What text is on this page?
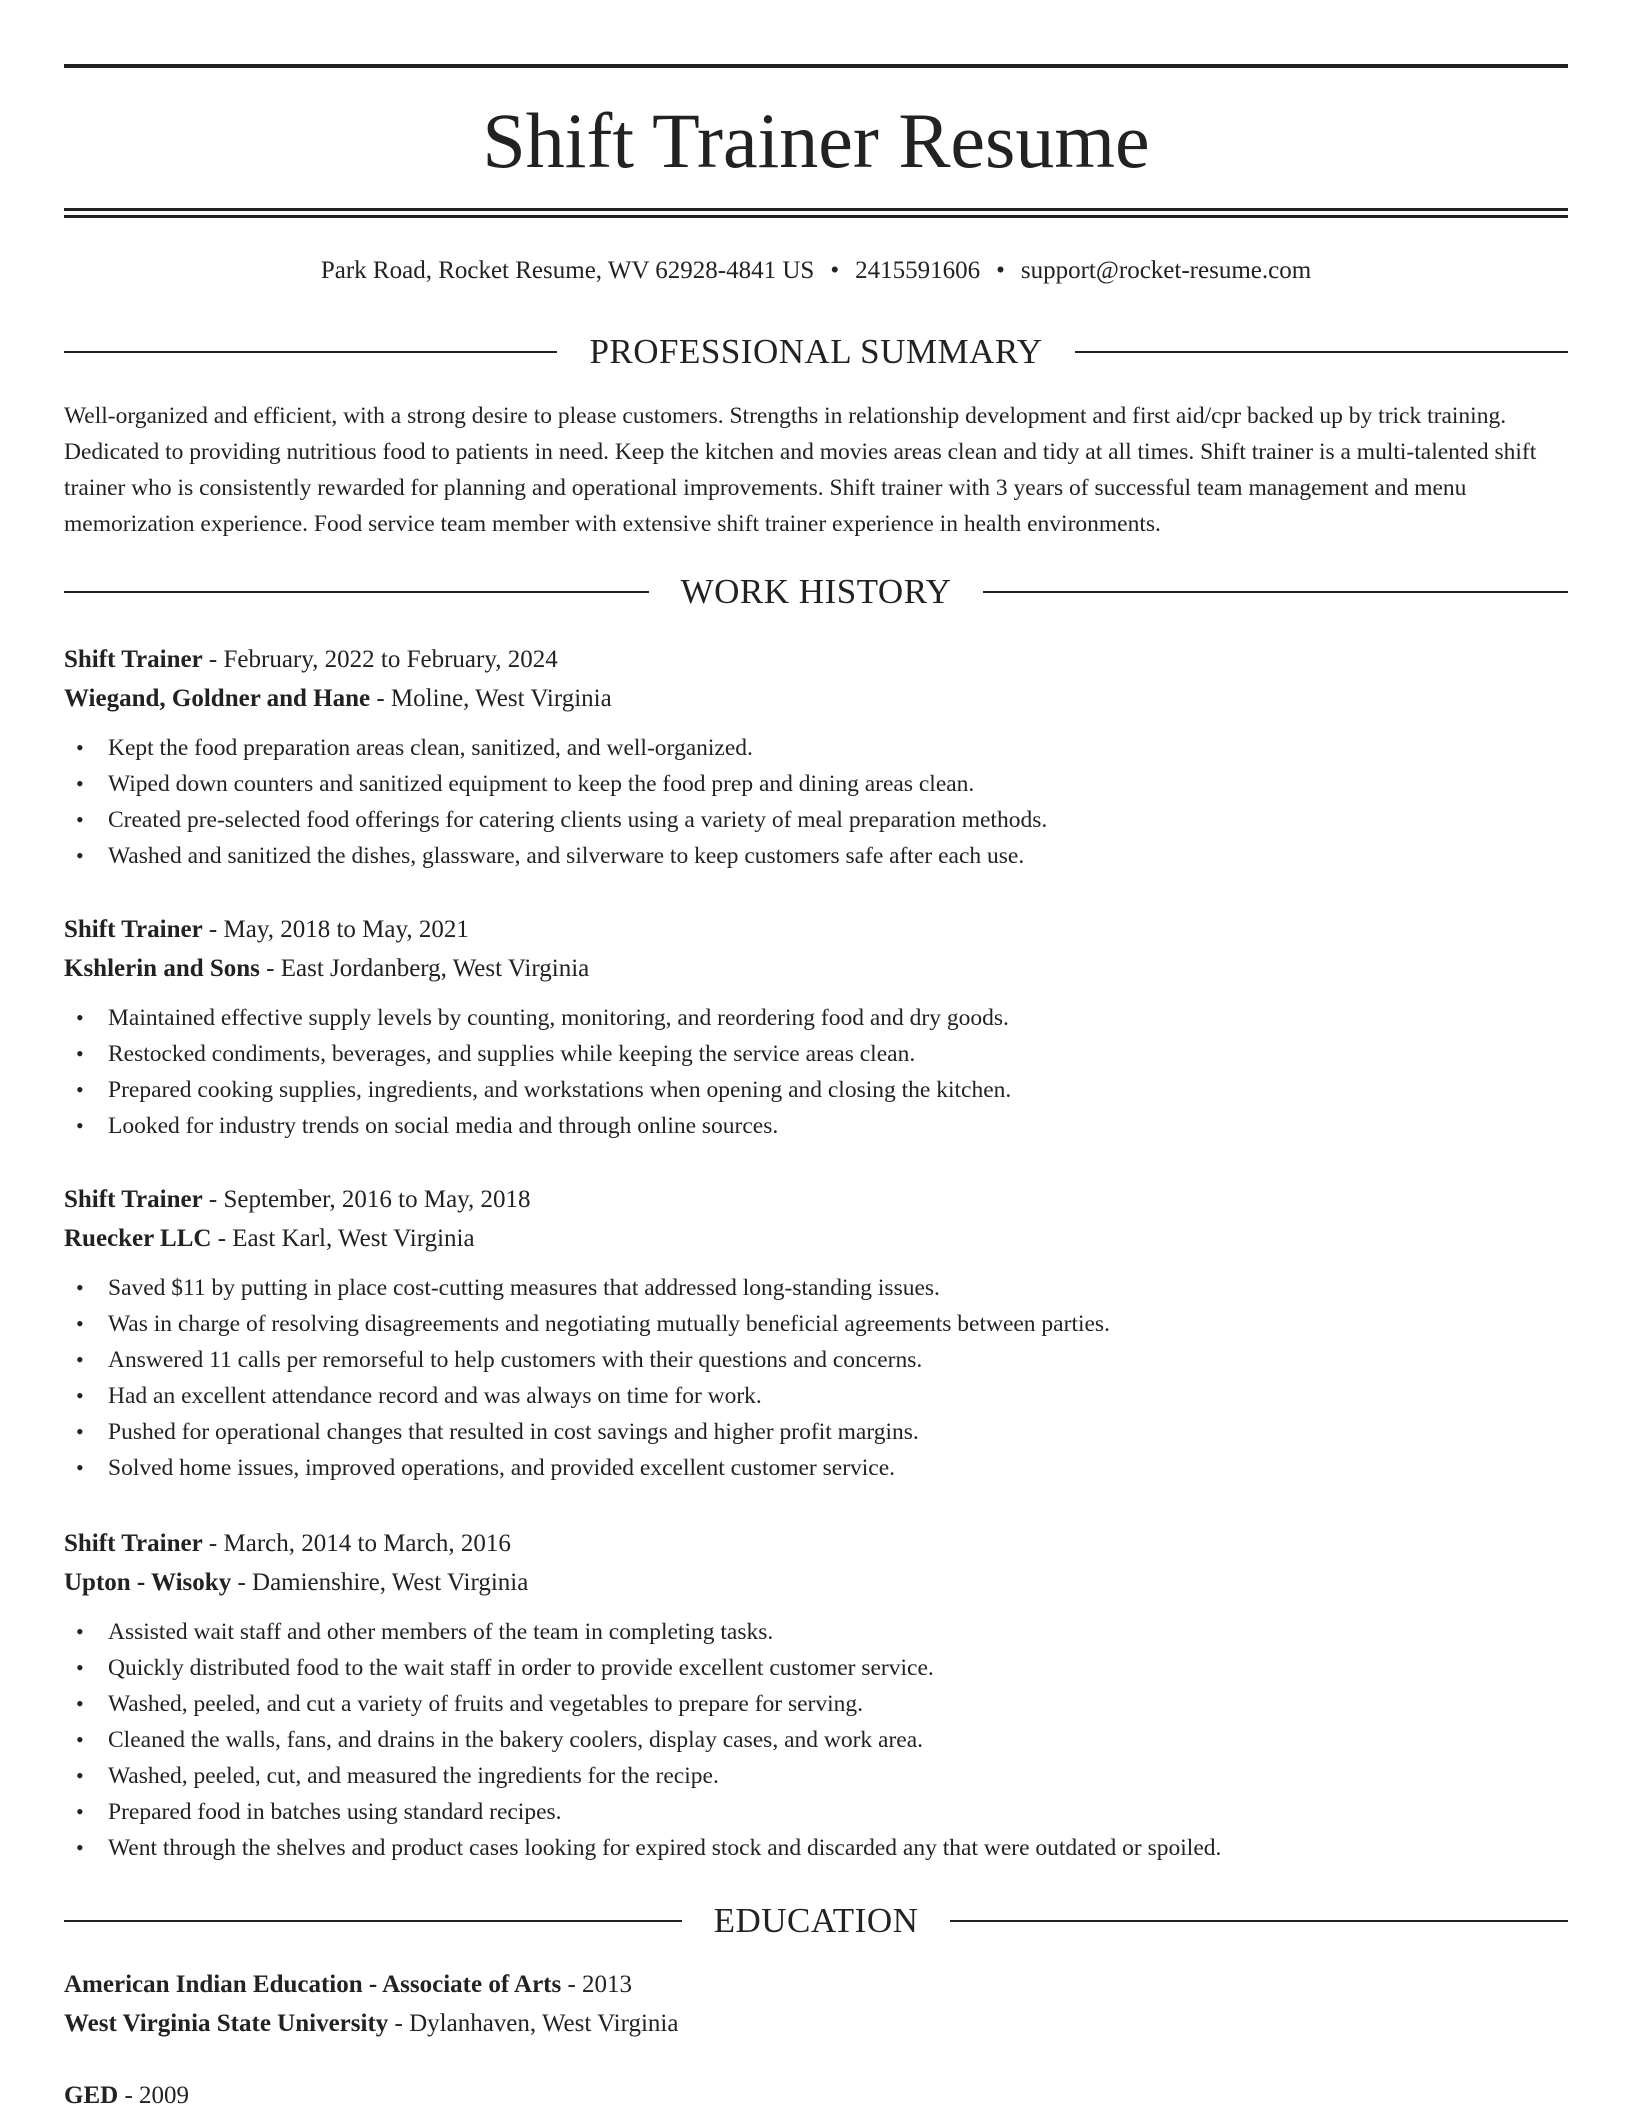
Shift Trainer Resume
Park Road, Rocket Resume, WV 62928-4841 US • 2415591606 • support@rocket-resume.com
PROFESSIONAL SUMMARY
Well-organized and efficient, with a strong desire to please customers. Strengths in relationship development and first aid/cpr backed up by trick training. Dedicated to providing nutritious food to patients in need. Keep the kitchen and movies areas clean and tidy at all times. Shift trainer is a multi-talented shift trainer who is consistently rewarded for planning and operational improvements. Shift trainer with 3 years of successful team management and menu memorization experience. Food service team member with extensive shift trainer experience in health environments.
WORK HISTORY
Shift Trainer - February, 2022 to February, 2024
Wiegand, Goldner and Hane - Moline, West Virginia
• Kept the food preparation areas clean, sanitized, and well-organized.
• Wiped down counters and sanitized equipment to keep the food prep and dining areas clean.
• Created pre-selected food offerings for catering clients using a variety of meal preparation methods.
• Washed and sanitized the dishes, glassware, and silverware to keep customers safe after each use.
Shift Trainer - May, 2018 to May, 2021
Kshlerin and Sons - East Jordanberg, West Virginia
• Maintained effective supply levels by counting, monitoring, and reordering food and dry goods.
• Restocked condiments, beverages, and supplies while keeping the service areas clean.
• Prepared cooking supplies, ingredients, and workstations when opening and closing the kitchen.
• Looked for industry trends on social media and through online sources.
Shift Trainer - September, 2016 to May, 2018
Ruecker LLC - East Karl, West Virginia
• Saved $11 by putting in place cost-cutting measures that addressed long-standing issues.
• Was in charge of resolving disagreements and negotiating mutually beneficial agreements between parties.
• Answered 11 calls per remorseful to help customers with their questions and concerns.
• Had an excellent attendance record and was always on time for work.
• Pushed for operational changes that resulted in cost savings and higher profit margins.
• Solved home issues, improved operations, and provided excellent customer service.
Shift Trainer - March, 2014 to March, 2016
Upton - Wisoky - Damienshire, West Virginia
• Assisted wait staff and other members of the team in completing tasks.
• Quickly distributed food to the wait staff in order to provide excellent customer service.
• Washed, peeled, and cut a variety of fruits and vegetables to prepare for serving.
• Cleaned the walls, fans, and drains in the bakery coolers, display cases, and work area.
• Washed, peeled, cut, and measured the ingredients for the recipe.
• Prepared food in batches using standard recipes.
• Went through the shelves and product cases looking for expired stock and discarded any that were outdated or spoiled.
EDUCATION
American Indian Education - Associate of Arts - 2013
West Virginia State University - Dylanhaven, West Virginia
GED - 2009
